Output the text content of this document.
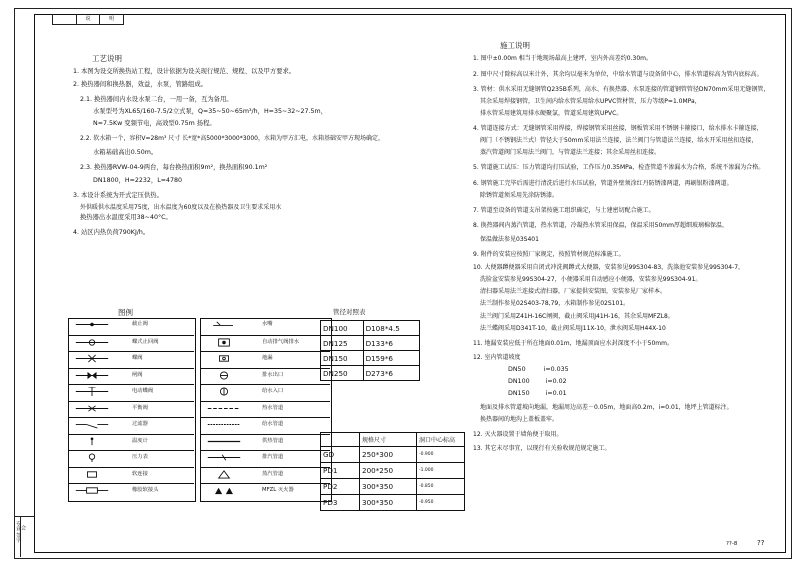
说	明
专业 签字 会
工艺说明
1. 本图为设交所换热站工程，设计依据为设关现行规范、规程、以及甲方要求。
2. 换热器间和换热器，效益，水泵，管路组成。
2.1. 换热器间内水设水泵二台，一用一备，互为备用。
水泵型号为XL65/160-7.5/2立式泵，Q=35~50~65m³/h，H=35~32~27.5m，
N=7.5Kw 变频节电，高效型0.75m 扬程。
2.2. 软水箱一个，容积V=28m³ 尺寸 长*宽*高5000*3000*3000，水箱为甲方汇电，水箱基础安甲方现场确定，
水箱基础高出0.50m。
2.3. 换热器RVW-04-9两台，每台换热面积9m²，换热面积90.1m²
DN1800，H=2232，L=4780
3. 本设计系统为开式定压供热。
外供暖供水温度采用75度，出水温度为60度以及在换热器及卫生要求采用水
换热器出水温度采用38~40°C。
4. 站区内热负荷790KJ/h。
施工说明
1. 图中±0.00m 相当于地现场最高上建坪，室内外高差约0.30m。
2. 图中尺寸除标高以米计外，其余均以毫米为单位，中给水管道与设备留中心，排水管道标高为管内底标高。
3. 管材：供水采用无缝钢管Q235B系列，高水、有换热器、水泵连接的管道钢管管径DN70mm采用无缝钢管，
其余采用焊接钢管，卫生间内给水管采用给水UPVC管材管，压力等级P=1.0MPa，
排水管采用建筑用排水硬聚氯，管道采用建筑UPVC。
4. 管道连接方式：无缝钢管采用焊接，焊接钢管采用丝接，钢板管采用不锈钢卡箍接口，给水排水卡箍连接，
阀门（不锈钢法兰式）管径大于50mm采用法兰连接，法兰阀门与管道法兰连接，给水开采用丝扣连接，
蒸汽管道阀门采用法兰阀门，与管道法兰连接；其余采用丝扣连接。
5. 管道施工试压：压力管道均打压试验，工作压力0.35MPa，检查管道不渗漏水为合格，系统不渗漏为合格。
6. 钢管施工完毕后需进行清洗后进行水压试验，管道外壁须涂红丹防锈漆两道，再刷银粉漆两道。
除锈管道须采用先涂防锈漆。
7. 管道至设备的管道支吊架按施工组织确定，与土建密切配合施工。
8. 换热器间内蒸汽管道，热水管道，冷凝热水管采用保温，保温采用50mm厚超细玻璃棉保温，
保温做法参见03S401
9. 附件的安装应按照厂家规定，按照管材规范标准施工。
10. 大便器蹲便器采用自闭式冲洗阀蹲式大便器，安装参见99S304-83，洗涤池安装参见99S304-7，
洗脸盆安装参见99S304-27，小便器采用自动感应小便器，安装参见99S304-91。
清扫器采用法兰连接式清扫器，厂家提供安装图，安装参见厂家样本。
法兰制作参见02S403-78,79，水箱制作参见02S101。
法兰阀门采用Z41H-16C闸阀，截止阀采用J41H-16，其余采用MFZL8。
法兰蝶阀采用D341T-10，截止阀采用J11X-10，泄水阀采用H44X-10
11. 地漏安装应低于所在地面0.01m，地漏顶面应水封深度不小于50mm。
12. 室内管道坡度
DN50         i=0.035
DN100        i=0.02
DN150        i=0.01
地面及排水管道坡向地漏，地漏周边高差－0.05m，地面高0.2m，i=0.01，地坪上管道标注。
换热器间的地沟上盖板盖牢。
12. 灭火器设置于墙角便于取用。
13. 其它未尽事宜，以现行有关验收规范规定施工。
图例
截止阀	水嘴
蝶式止回阀	自动排气阀排水
蝶阀	地漏
闸阀	排水出口
电动蝶阀	给水入口
平衡阀	热水管道
过滤器	给水管道
温度计	供热管道
压力表	排汽管道
软连接	蒸汽管道
橡胶软接头	MFZL 灭火器
管径对照表
DN100	D108*4.5
DN125	D133*6
DN150	D159*6
DN250	D273*6
	规格尺寸	洞口中心标高
GD	250*300	-0.900
PD1	200*250	-1.000
PD2	300*350	-0.850
PD3	300*350	-0.950
??-8	??
